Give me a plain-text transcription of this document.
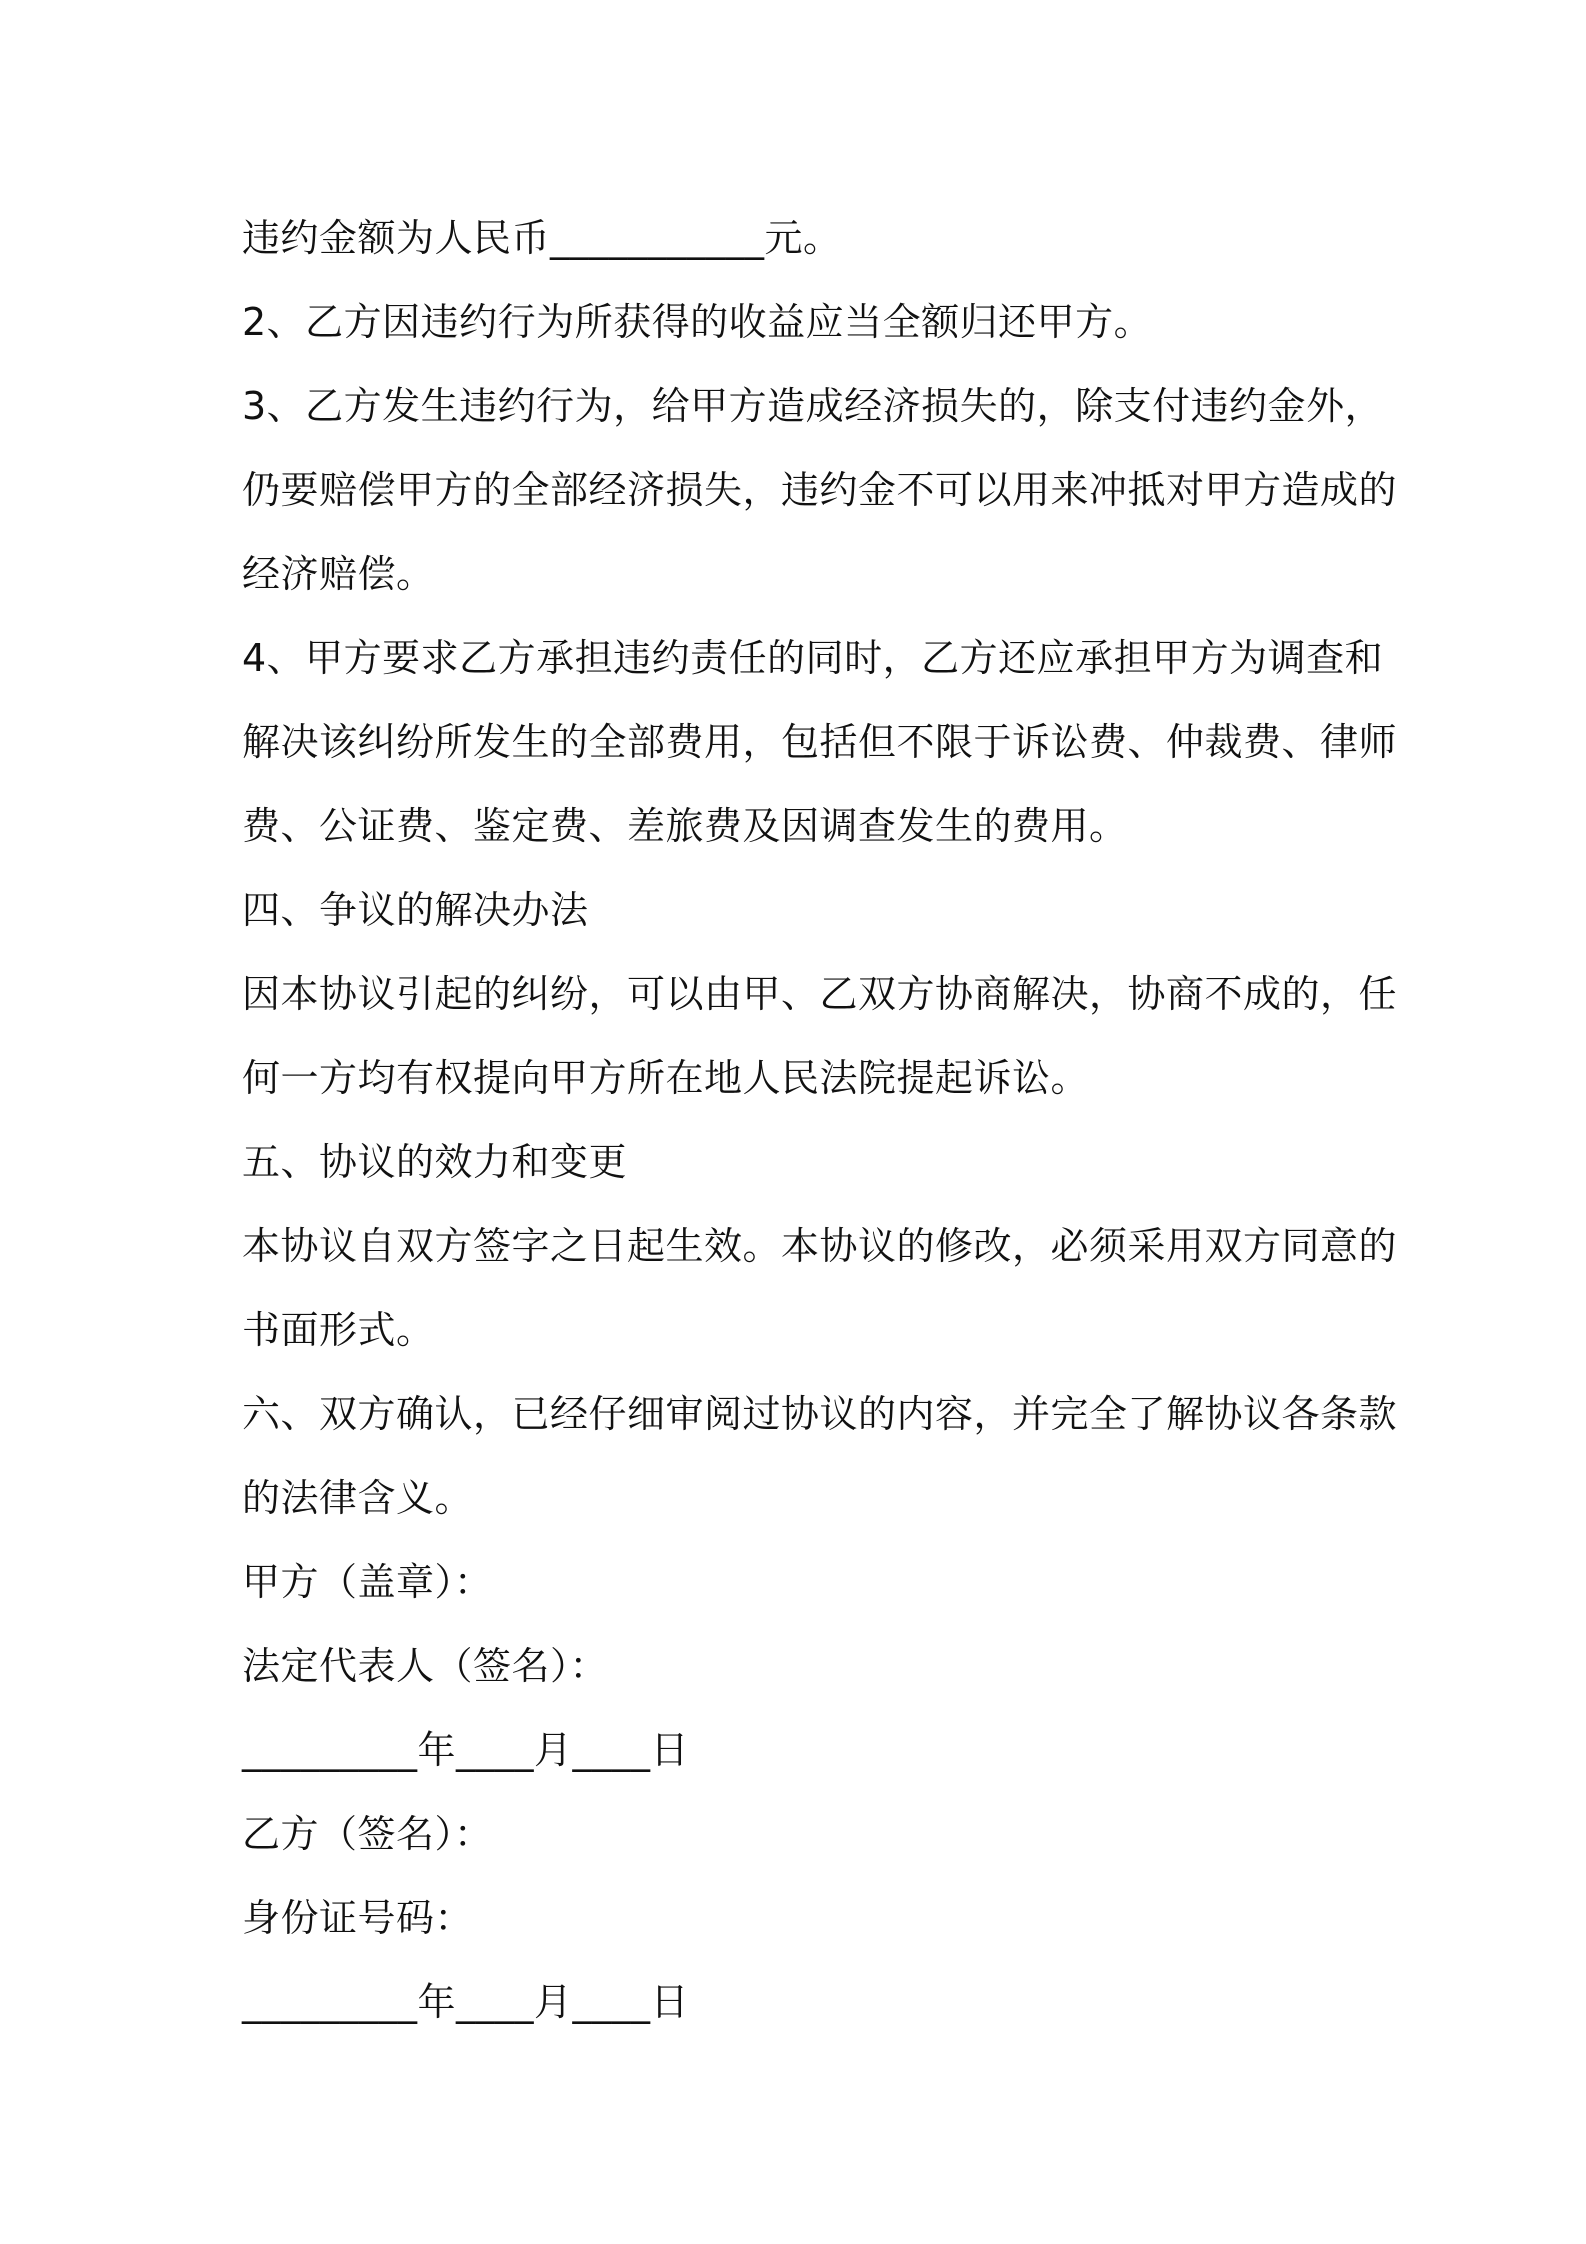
违约金额为人民币___________元。
2、乙方因违约行为所获得的收益应当全额归还甲方。
3、乙方发生违约行为，给甲方造成经济损失的，除支付违约金外，
仍要赔偿甲方的全部经济损失，违约金不可以用来冲抵对甲方造成的
经济赔偿。
4、甲方要求乙方承担违约责任的同时，乙方还应承担甲方为调查和
解决该纠纷所发生的全部费用，包括但不限于诉讼费、仲裁费、律师
费、公证费、鉴定费、差旅费及因调查发生的费用。
四、争议的解决办法
因本协议引起的纠纷，可以由甲、乙双方协商解决，协商不成的，任
何一方均有权提向甲方所在地人民法院提起诉讼。
五、协议的效力和变更
本协议自双方签字之日起生效。本协议的修改，必须采用双方同意的
书面形式。
六、双方确认，已经仔细审阅过协议的内容，并完全了解协议各条款
的法律含义。
甲方（盖章）：
法定代表人（签名）：
_________年____月____日
乙方（签名）：
身份证号码：
_________年____月____日
